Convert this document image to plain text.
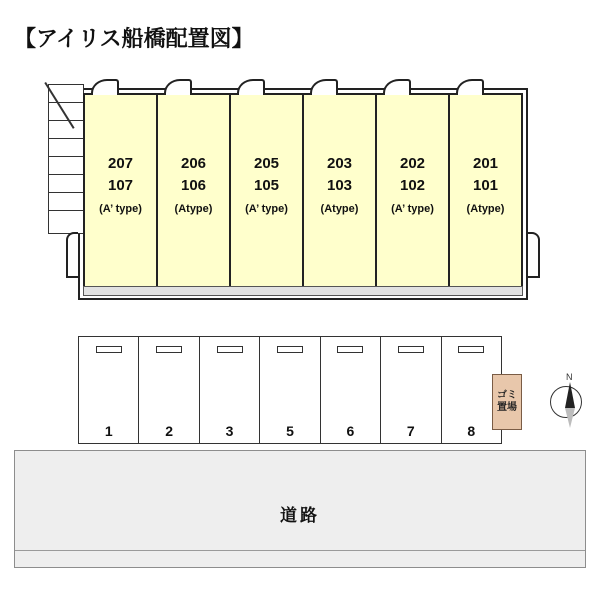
【アイリス船橋配置図】
207
107
(A’ type)
206
106
(Atype)
205
105
(A’ type)
203
103
(Atype)
202
102
(A’ type)
201
101
(Atype)
1	2	3	5	6	7	8
ゴミ
置場
N
道路
